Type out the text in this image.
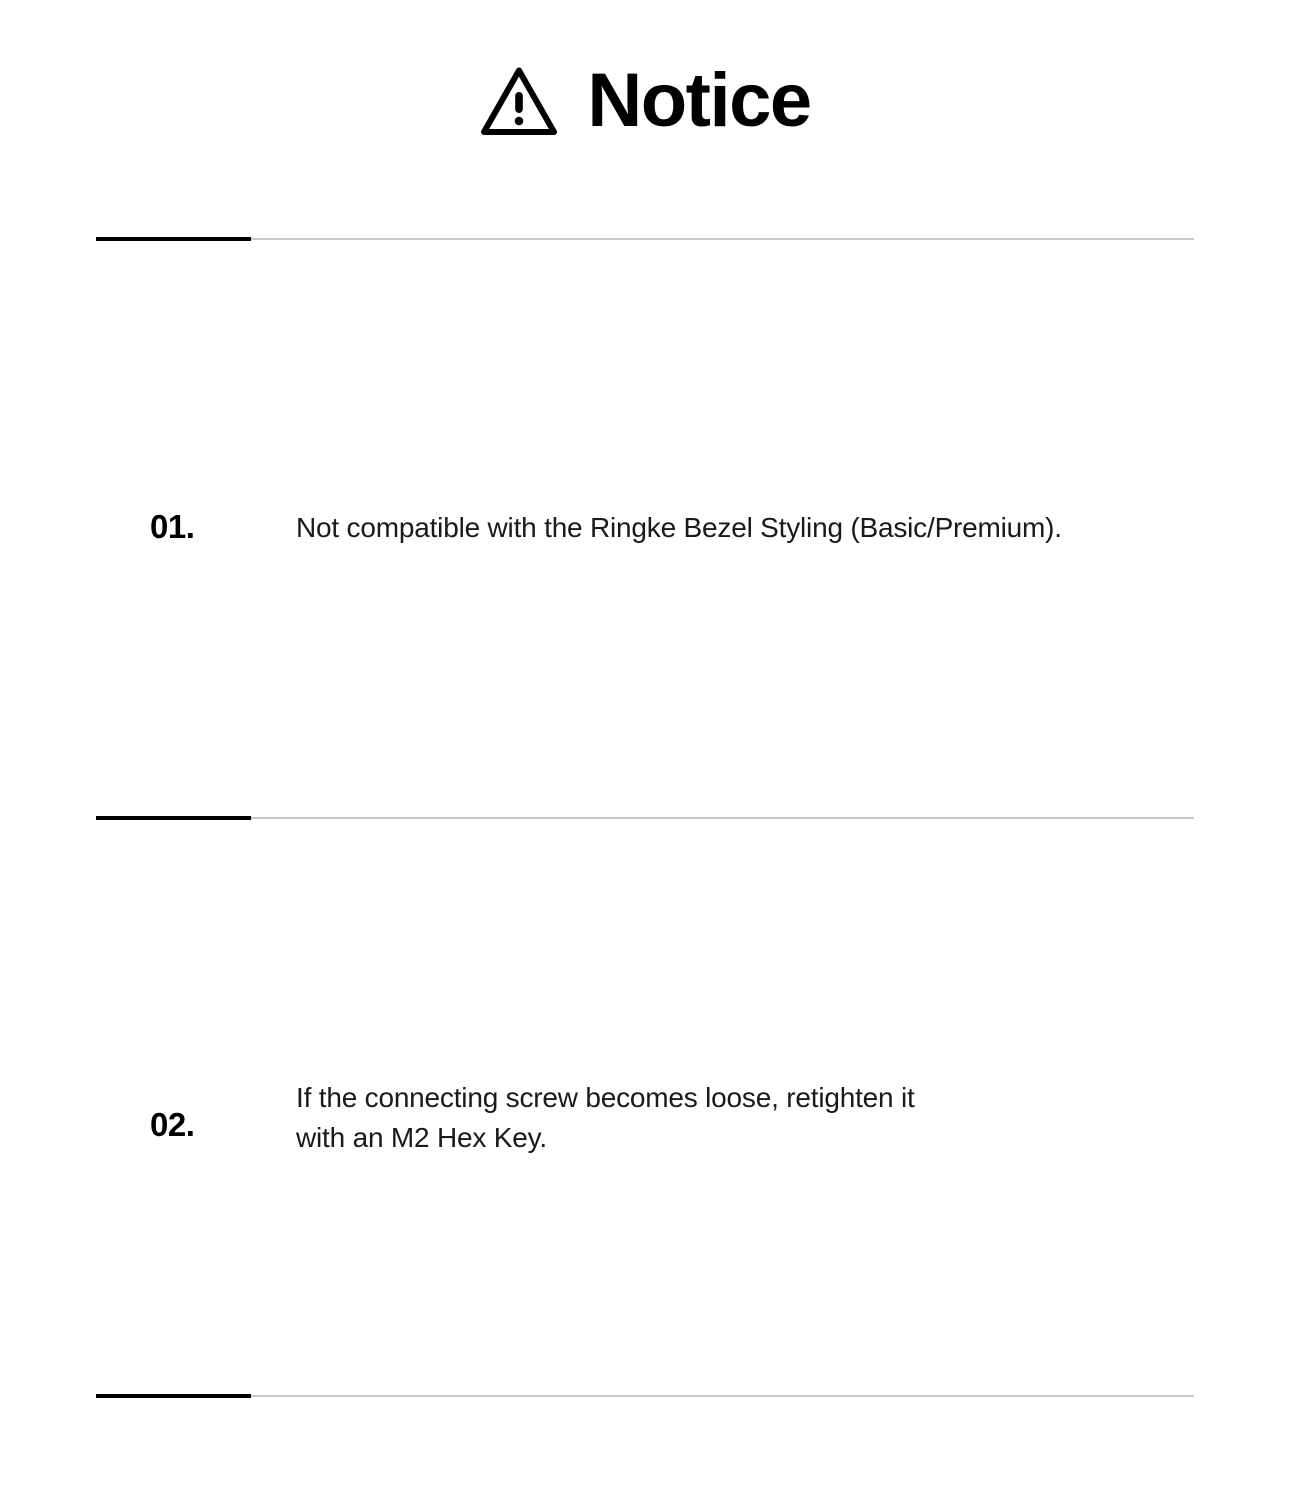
Notice
01.	Not compatible with the Ringke Bezel Styling (Basic/Premium).
02.
If the connecting screw becomes loose, retighten it
with an M2 Hex Key.
